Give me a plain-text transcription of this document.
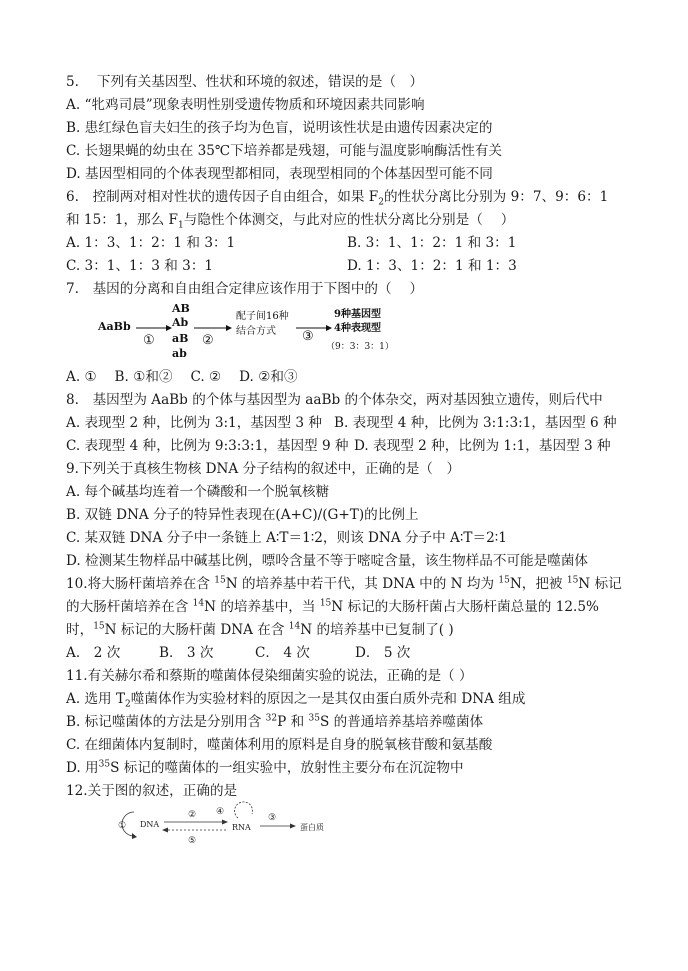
5.　 下列有关基因型、性状和环境的叙述，错误的是（　）
A. “牝鸡司晨”现象表明性别受遗传物质和环境因素共同影响
B. 患红绿色盲夫妇生的孩子均为色盲，说明该性状是由遗传因素决定的
C. 长翅果蝇的幼虫在 35℃下培养都是残翅，可能与温度影响酶活性有关
D. 基因型相同的个体表现型都相同，表现型相同的个体基因型可能不同
6.　控制两对相对性状的遗传因子自由组合，如果 $F_2$的性状分离比分别为 9：7、9：6：1
和 15：1，那么 $F_1$与隐性个体测交，与此对应的性状分离比分别是（　 ）
A. 1：3、1：2：1 和 3：1	B. 3：1、1：2：1 和 3：1
C. 3：1、1：3 和 3：1	D. 1：3、1：2：1 和 1：3
7.　基因的分离和自由组合定律应该作用于下图中的（　 ）
AaBb
①
AB
Ab
aB
ab
②
配子间16种
结合方式 ③
9种基因型
4种表现型
（9：3：3：1）
A. ①　 B. ①和②　 C. ②　 D. ②和③
8.　基因型为 AaBb 的个体与基因型为 aaBb 的个体杂交，两对基因独立遗传，则后代中
A. 表现型 2 种，比例为 3:1，基因型 3 种 B. 表现型 4 种，比例为 3:1:3:1，基因型 6 种
C. 表现型 4 种，比例为 9:3:3:1，基因型 9 种 D. 表现型 2 种，比例为 1:1，基因型 3 种
9.下列关于真核生物核 DNA 分子结构的叙述中，正确的是（　）
A. 每个碱基均连着一个磷酸和一个脱氧核糖
B. 双链 DNA 分子的特异性表现在(A+C)/(G+T)的比例上
C. 某双链 DNA 分子中一条链上 A∶T＝1∶2，则该 DNA 分子中 A∶T＝2∶1
D. 检测某生物样品中碱基比例，嘌呤含量不等于嘧啶含量，该生物样品不可能是噬菌体
10.将大肠杆菌培养在含 $^{15}$N 的培养基中若干代，其 DNA 中的 N 均为 $^{15}$N，把被 $^{15}$N 标记
的大肠杆菌培养在含 $^{14}$N 的培养基中，当 $^{15}$N 标记的大肠杆菌占大肠杆菌总量的 12.5%
时，$^{15}$N 标记的大肠杆菌 DNA 在含 $^{14}$N 的培养基中已复制了( )
A． 2 次	B． 3 次	C． 4 次	D． 5 次
11.有关赫尔希和蔡斯的噬菌体侵染细菌实验的说法，正确的是（ ）
A. 选用 $T_2$噬菌体作为实验材料的原因之一是其仅由蛋白质外壳和 DNA 组成
B. 标记噬菌体的方法是分别用含 $^{32}$P 和 $^{35}$S 的普通培养基培养噬菌体
C. 在细菌体内复制时，噬菌体利用的原料是自身的脱氧核苷酸和氨基酸
D. 用$^{35}$S 标记的噬菌体的一组实验中，放射性主要分布在沉淀物中
12.关于图的叙述，正确的是
① DNA
②
⑤
④
RNA
③
蛋白质
